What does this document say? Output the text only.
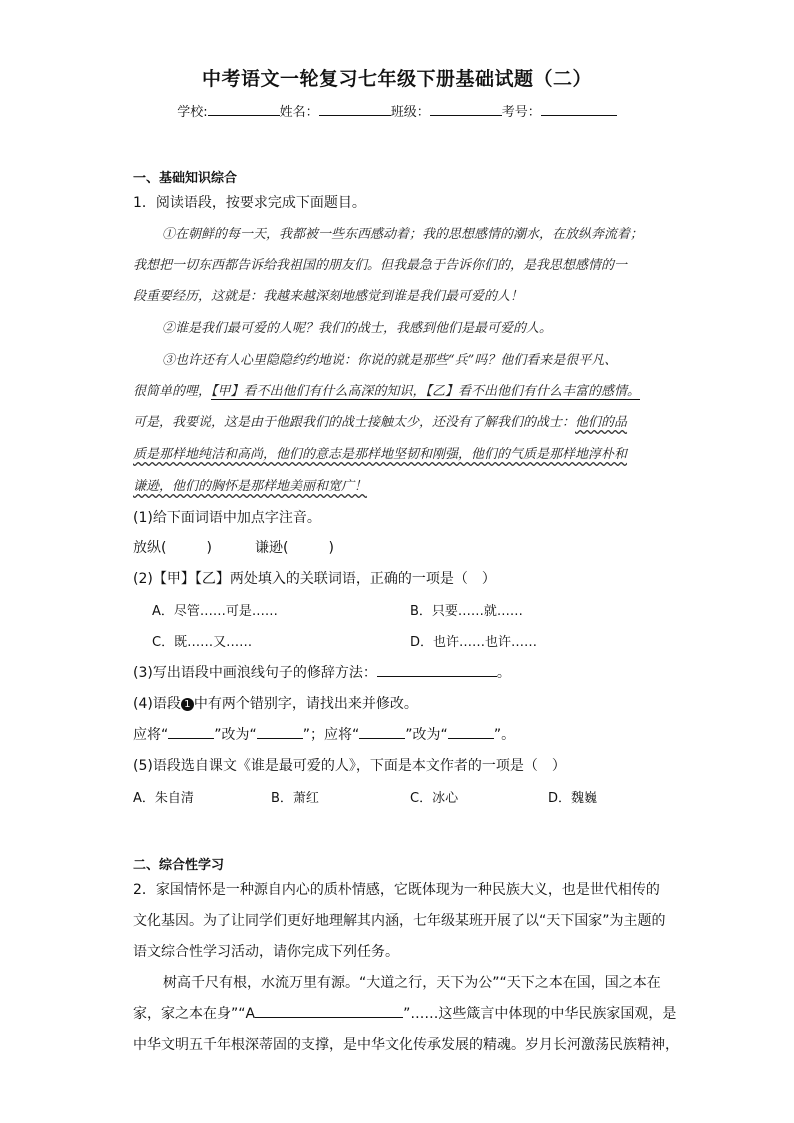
中考语文一轮复习七年级下册基础试题（二）
学校:	姓名：	班级：	考号：
一、基础知识综合
1．阅读语段，按要求完成下面题目。
①在朝鲜的每一天，我都被一些东西感动着；我的思想感情的潮水，在放纵奔流着；
我想把一切东西都告诉给我祖国的朋友们。但我最急于告诉你们的，是我思想感情的一
段重要经历，这就是：我越来越深刻地感觉到谁是我们最可爱的人！
②谁是我们最可爱的人呢？我们的战士，我感到他们是最可爱的人。
③也许还有人心里隐隐约约地说：你说的就是那些“兵”吗？他们看来是很平凡、
很简单的哩，【甲】看不出他们有什么高深的知识，【乙】看不出他们有什么丰富的感情。
可是，我要说，这是由于他跟我们的战士接触太少，还没有了解我们的战士：他们的品
质是那样地纯洁和高尚，他们的意志是那样地坚韧和刚强，他们的气质是那样地淳朴和
谦逊，他们的胸怀是那样地美丽和宽广！
(1)给下面词语中加点字注音。
放纵(	)	谦逊(	)
(2)【甲】【乙】两处填入的关联词语，正确的一项是（　）
A．尽管……可是……	B．只要……就……
C．既……又……	D．也许……也许……
(3)写出语段中画浪线句子的修辞方法：	。
(4)语段 1 中有两个错别字，请找出来并修改。
应将“	”改为“	”；应将“	”改为“	”。
(5)语段选自课文《谁是最可爱的人》，下面是本文作者的一项是（　）
A．朱自清	B．萧红	C．冰心	D．魏巍
二、综合性学习
2．家国情怀是一种源自内心的质朴情感，它既体现为一种民族大义，也是世代相传的
文化基因。为了让同学们更好地理解其内涵，七年级某班开展了以“天下国家”为主题的
语文综合性学习活动，请你完成下列任务。
树高千尺有根，水流万里有源。“大道之行，天下为公”“天下之本在国，国之本在
家，家之本在身”“A	”……这些箴言中体现的中华民族家国观，是
中华文明五千年根深蒂固的支撑，是中华文化传承发展的精魂。岁月长河激荡民族精神，
